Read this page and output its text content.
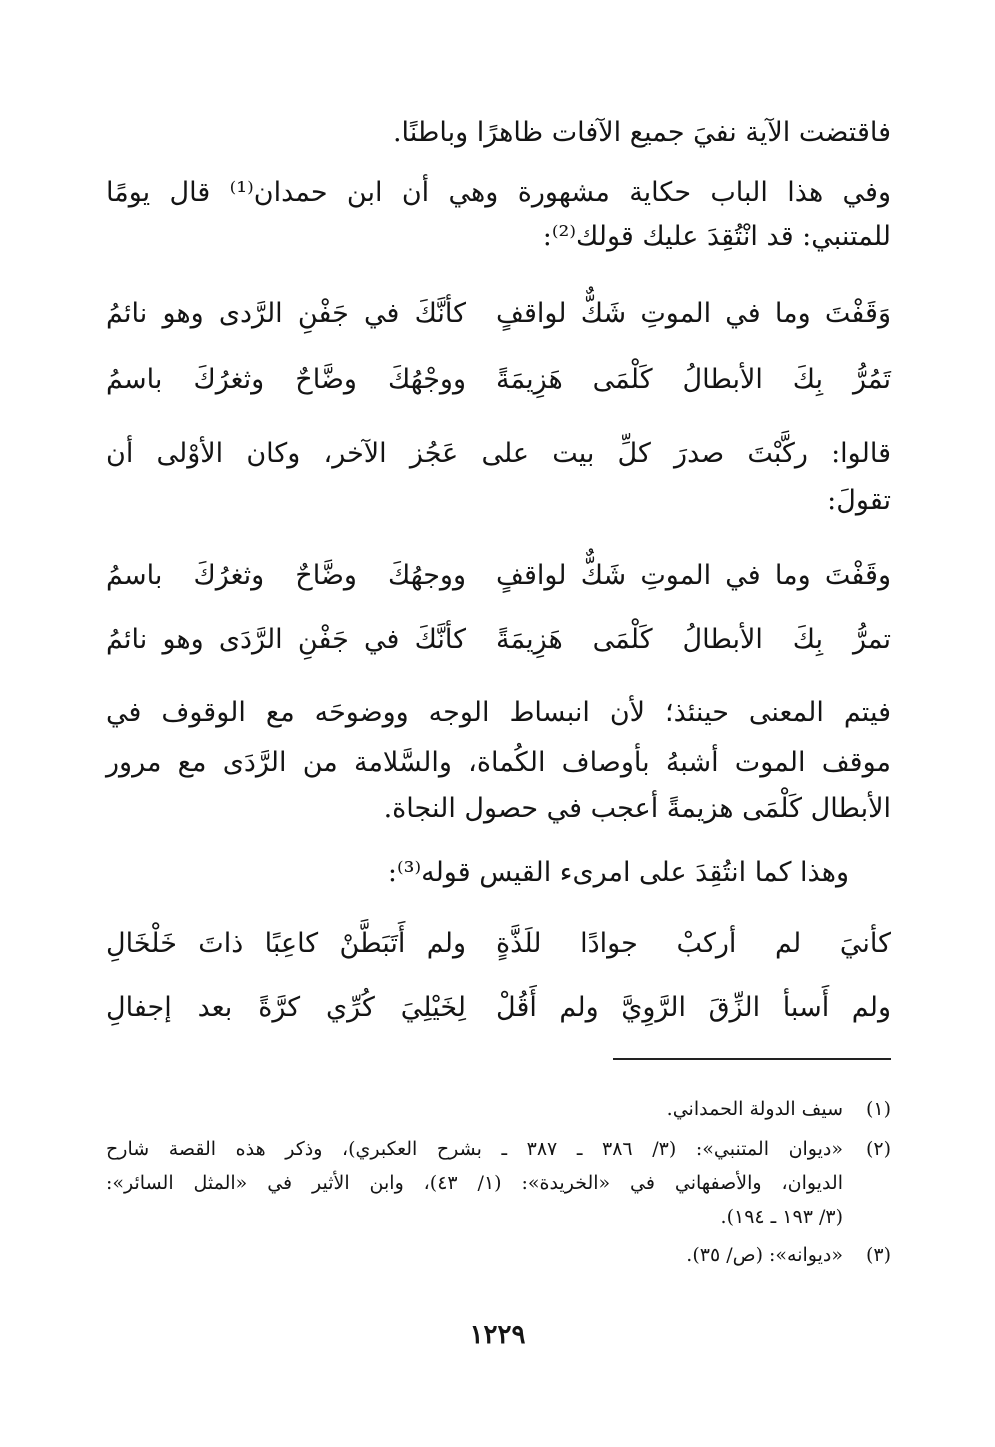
فاقتضت الآية نفيَ جميع الآفات ظاهرًا وباطنًا.
وفي هذا الباب حكاية مشهورة وهي أن ابن حمدان⁽¹⁾ قال يومًا
للمتنبي: قد انْتُقِدَ عليك قولك⁽²⁾:
وَقَفْتَ وما في الموتِ شَكٌّ لواقفٍ
كأنَّكَ في جَفْنِ الرَّدى وهو نائمُ
تَمُرُّ بِكَ الأبطالُ كَلْمَى هَزِيمَةً
ووجْهُكَ وضَّاحٌ وثغرُكَ باسمُ
قالوا: ركَّبْتَ صدرَ كلِّ بيت على عَجُز الآخر، وكان الأوْلى أن
تقولَ:
وقَفْتَ وما في الموتِ شَكٌّ لواقفٍ
ووجهُكَ وضَّاحٌ وثغرُكَ باسمُ
تمرُّ بِكَ الأبطالُ كَلْمَى هَزِيمَةً
كأنَّكَ في جَفْنِ الرَّدَى وهو نائمُ
فيتم المعنى حينئذ؛ لأن انبساط الوجه ووضوحَه مع الوقوف في
موقف الموت أشبهُ بأوصاف الكُماة، والسَّلامة من الرَّدَى مع مرور
الأبطال كَلْمَى هزيمةً أعجب في حصول النجاة.
وهذا كما انتُقِدَ على امرىء القيس قوله⁽³⁾:
كأنيَ لم أركبْ جوادًا للَذَّةٍ
ولم أَتَبَطَّنْ كاعِبًا ذاتَ خَلْخَالِ
ولم أَسبأ الزِّقَ الرَّوِيَّ ولم أَقُلْ
لِخَيْلِيَ كُرِّي كرَّةً بعد إجفالِ
(١)
سيف الدولة الحمداني.
(٢)
«ديوان المتنبي»: (٣/ ٣٨٦ ـ ٣٨٧ ـ بشرح العكبري)، وذكر هذه القصة شارح
الديوان، والأصفهاني في «الخريدة»: (١/ ٤٣)، وابن الأثير في «المثل السائر»:
(٣/ ١٩٣ ـ ١٩٤).
(٣)
«ديوانه»: (ص/ ٣٥).
١٢٢٩
